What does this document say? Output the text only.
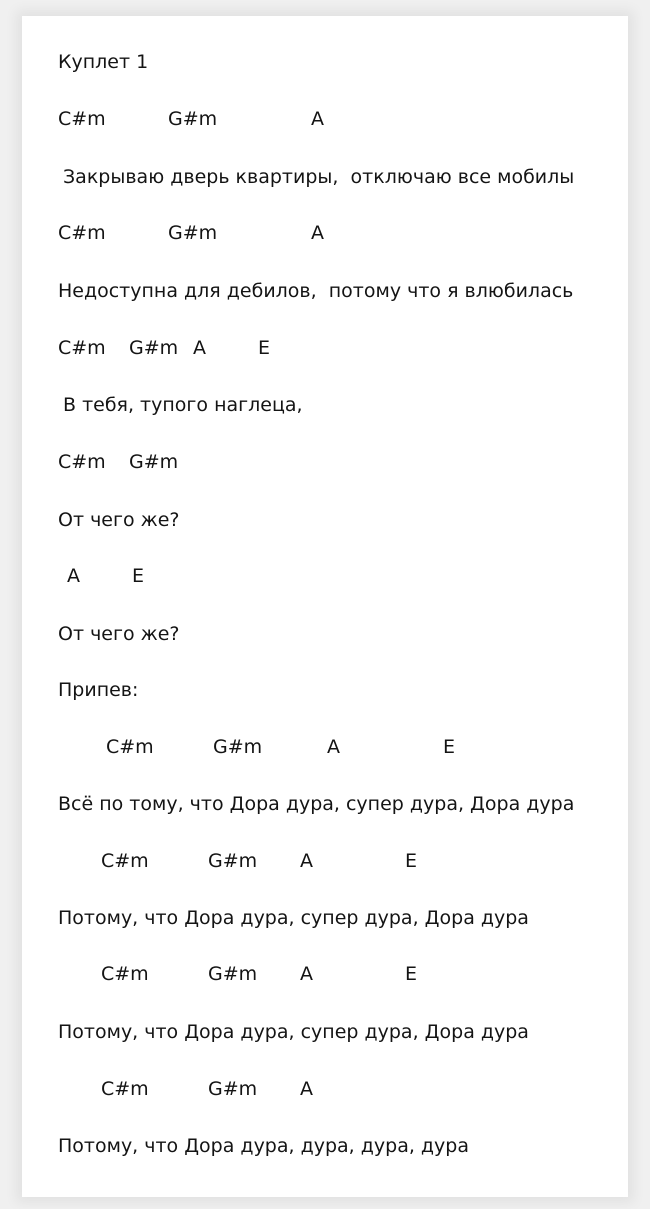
Куплет 1
C#m	G#m	A
Закрываю дверь квартиры,  отключаю все мобилы
C#m	G#m	A
Недоступна для дебилов,  потому что я влюбилась
C#m G#m A	E
В тебя, тупого наглеца,
C#m G#m
От чего же?
A	E
От чего же?
Припев:
C#m	G#m	A	E
Всё по тому, что Дора дура, супер дура, Дора дура
C#m	G#m A	E
Потому, что Дора дура, супер дура, Дора дура
C#m	G#m A	E
Потому, что Дора дура, супер дура, Дора дура
C#m	G#m A
Потому, что Дора дура, дура, дура, дура
